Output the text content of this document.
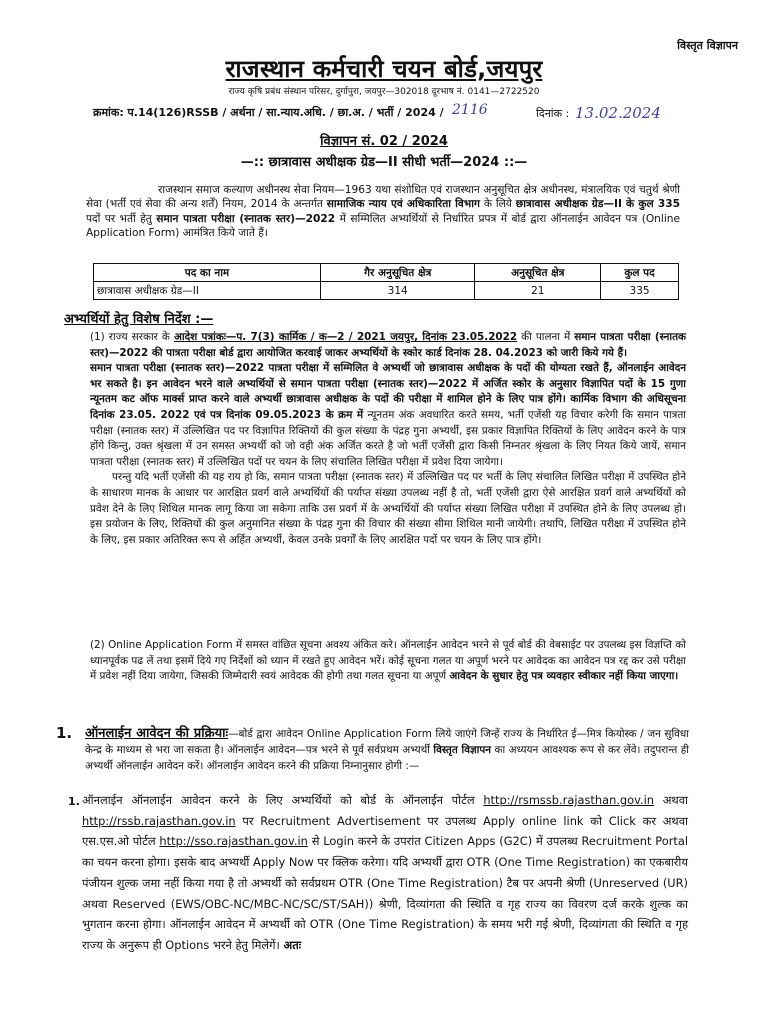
विस्तृत विज्ञापन
राजस्थान कर्मचारी चयन बोर्ड,जयपुर
राज्य कृषि प्रबंध संस्थान परिसर, दुर्गापुरा, जयपुर—302018 दूरभाष नं. 0141—2722520
क्रमांक: प.14(126)RSSB / अर्थना / सा.न्याय.अधि. / छा.अ. / भर्ती / 2024 / 2116	दिनांक : 13.02.2024
विज्ञापन सं. 02 / 2024
—:: छात्रावास अधीक्षक ग्रेड—II सीधी भर्ती—2024 ::—
राजस्थान समाज कल्याण अधीनस्थ सेवा नियम—1963 यथा संशोधित एवं राजस्थान अनुसूचित क्षेत्र अधीनस्थ, मंत्रालयिक एवं चतुर्थ श्रेणी सेवा (भर्ती एवं सेवा की अन्य शर्तें) नियम, 2014 के अन्तर्गत सामाजिक न्याय एवं अधिकारिता विभाग के लिये छात्रावास अधीक्षक ग्रेड—II के कुल 335 पदों पर भर्ती हेतु समान पात्रता परीक्षा (स्नातक स्तर)—2022 में सम्मिलित अभ्यर्थियों से निर्धारित प्रपत्र में बोर्ड द्वारा ऑनलाईन आवेदन पत्र (Online Application Form) आमंत्रित किये जाते हैं।
पद का नाम	गैर अनुसूचित क्षेत्र	अनुसूचित क्षेत्र	कुल पद
छात्रावास अधीक्षक ग्रेड—II	314	21	335
अभ्यर्थियों हेतु विशेष निर्देश :—
(1) राज्य सरकार के आदेश पत्रांकः—प. 7(3) कार्मिक / क—2 / 2021 जयपुर, दिनांक 23.05.2022 की पालना में समान पात्रता परीक्षा (स्नातक स्तर)—2022 की पात्रता परीक्षा बोर्ड द्वारा आयोजित करवाई जाकर अभ्यर्थियों के स्कोर कार्ड दिनांक 28. 04.2023 को जारी किये गये हैं।
समान पात्रता परीक्षा (स्नातक स्तर)—2022 पात्रता परीक्षा में सम्मिलित वे अभ्यर्थी जो छात्रावास अधीक्षक के पदों की योग्यता रखते हैं, ऑनलाईन आवेदन भर सकते है। इन आवेदन भरने वाले अभ्यर्थियों से समान पात्रता परीक्षा (स्नातक स्तर)—2022 में अर्जित स्कोर के अनुसार विज्ञापित पदों के 15 गुणा न्यूनतम कट ऑफ मार्क्स प्राप्त करने वाले अभ्यर्थी छात्रावास अधीक्षक के पदों की परीक्षा में शामिल होने के लिए पात्र होंगे। कार्मिक विभाग की अधिसूचना दिनांक 23.05. 2022 एवं पत्र दिनांक 09.05.2023 के क्रम में न्यूनतम अंक अवधारित करते समय, भर्ती एजेंसी यह विचार करेगी कि समान पात्रता परीक्षा (स्नातक स्तर) में उल्लिखित पद पर विज्ञापित रिक्तियों की कुल संख्या के पंद्रह गुना अभ्यर्थी, इस प्रकार विज्ञापित रिक्तियों के लिए आवेदन करने के पात्र होंगे किन्तु, उक्त श्रृंखला में उन समस्त अभ्यर्थी को जो वही अंक अर्जित करते है जो भर्ती एजेंसी द्वारा किसी निम्नतर श्रृंखला के लिए नियत किये जायें, समान पात्रता परीक्षा (स्नातक स्तर) में उल्लिखित पदों पर चयन के लिए संचालित लिखित परीक्षा में प्रवेश दिया जायेगा।
परन्तु यदि भर्ती एजेंसी की यह राय हो कि, समान पात्रता परीक्षा (स्नातक स्तर) में उल्लिखित पद पर भर्ती के लिए संचालित लिखित परीक्षा में उपस्थित होने के साधारण मानक के आधार पर आरक्षित प्रवर्ग वाले अभ्यर्थियों की पर्याप्त संख्या उपलब्ध नहीं है तो, भर्ती एजेंसी द्वारा ऐसे आरक्षित प्रवर्ग वाले अभ्यर्थियों को प्रवेश देने के लिए शिथिल मानक लागू किया जा सकेगा ताकि उस प्रवर्ग में के अभ्यर्थियों की पर्याप्त संख्या लिखित परीक्षा में उपस्थित होने के लिए उपलब्ध हो। इस प्रयोजन के लिए, रिक्तियों की कुल अनुमानित संख्या के पंद्रह गुना की विचार की संख्या सीमा शिथिल मानी जायेगी। तथापि, लिखित परीक्षा में उपस्थित होने के लिए, इस प्रकार अतिरिक्त रूप से अर्हित अभ्यर्थी, केवल उनके प्रवर्गों के लिए आरक्षित पदों पर चयन के लिए पात्र होंगे।
(2) Online Application Form में समस्त वांछित सूचना अवश्य अंकित करे। ऑनलाईन आवेदन भरने से पूर्व बोर्ड की वेबसाईट पर उपलब्ध इस विज्ञप्ति को ध्यानपूर्वक पढ लें तथा इसमें दिये गए निर्देशों को ध्यान में रखते हुए आवेदन भरें। कोई सूचना गलत या अपूर्ण भरने पर आवेदक का आवेदन पत्र रद्द कर उसे परीक्षा में प्रवेश नहीं दिया जायेगा, जिसकी जिम्मेदारी स्वयं आवेदक की होगी तथा गलत सूचना या अपूर्ण आवेदन के सुधार हेतु पत्र व्यवहार स्वीकार नहीं किया जाएगा।
1. ऑनलाईन आवेदन की प्रक्रियाः—बोर्ड द्वारा आवेदन Online Application Form लिये जाएंगे जिन्हें राज्य के निर्धारित ई—मित्र कियोस्क / जन सुविधा केन्द्र के माध्यम से भरा जा सकता है। ऑनलाईन आवेदन—पत्र भरने से पूर्व सर्वप्रथम अभ्यर्थी विस्तृत विज्ञापन का अध्ययन आवश्यक रूप से कर लेंवे। तदुपरान्त ही अभ्यर्थी ऑनलाईन आवेदन करें। ऑनलाईन आवेदन करने की प्रक्रिया निम्नानुसार होगी :—
1. ऑनलाईन ऑनलाईन आवेदन करने के लिए अभ्यर्थियों को बोर्ड के ऑनलाईन पोर्टल http://rsmssb.rajasthan.gov.in अथवा http://rssb.rajasthan.gov.in पर Recruitment Advertisement पर उपलब्ध Apply online link को Click कर अथवा एस.एस.ओ पोर्टल http://sso.rajasthan.gov.in से Login करने के उपरांत Citizen Apps (G2C) में उपलब्ध Recruitment Portal का चयन करना होगा। इसके बाद अभ्यर्थी Apply Now पर क्लिक करेगा। यदि अभ्यर्थी द्वारा OTR (One Time Registration) का एकबारीय पंजीयन शुल्क जमा नहीं किया गया है तो अभ्यर्थी को सर्वप्रथम OTR (One Time Registration) टैब पर अपनी श्रेणी (Unreserved (UR) अथवा Reserved (EWS/OBC-NC/MBC-NC/SC/ST/SAH)) श्रेणी, दिव्यांगता की स्थिति व गृह राज्य का विवरण दर्ज करके शुल्क का भुगतान करना होगा। ऑनलाईन आवेदन में अभ्यर्थी को OTR (One Time Registration) के समय भरी गई श्रेणी, दिव्यांगता की स्थिति व गृह राज्य के अनुरूप ही Options भरने हेतु मिलेगें। अतः
